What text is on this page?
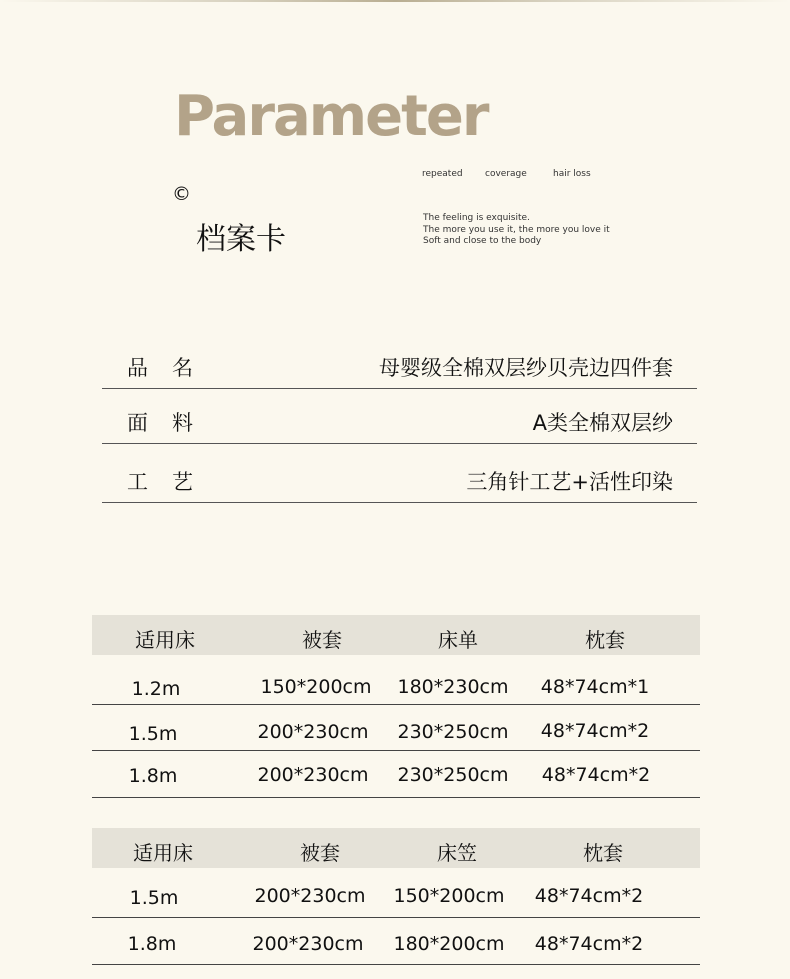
Parameter
©
档案卡
repeated coverage	hair loss
The feeling is exquisite.
The more you use it, the more you love it
Soft and close to the body
品名	母婴级全棉双层纱贝壳边四件套
面料	A类全棉双层纱
工艺	三角针工艺+活性印染
适用床	被套	床单	枕套
1.2m	150*200cm 180*230cm 48*74cm*1
1.5m	200*230cm 230*250cm 48*74cm*2
1.8m	200*230cm 230*250cm 48*74cm*2
适用床	被套	床笠	枕套
1.5m	200*230cm 150*200cm 48*74cm*2
1.8m	200*230cm 180*200cm 48*74cm*2
